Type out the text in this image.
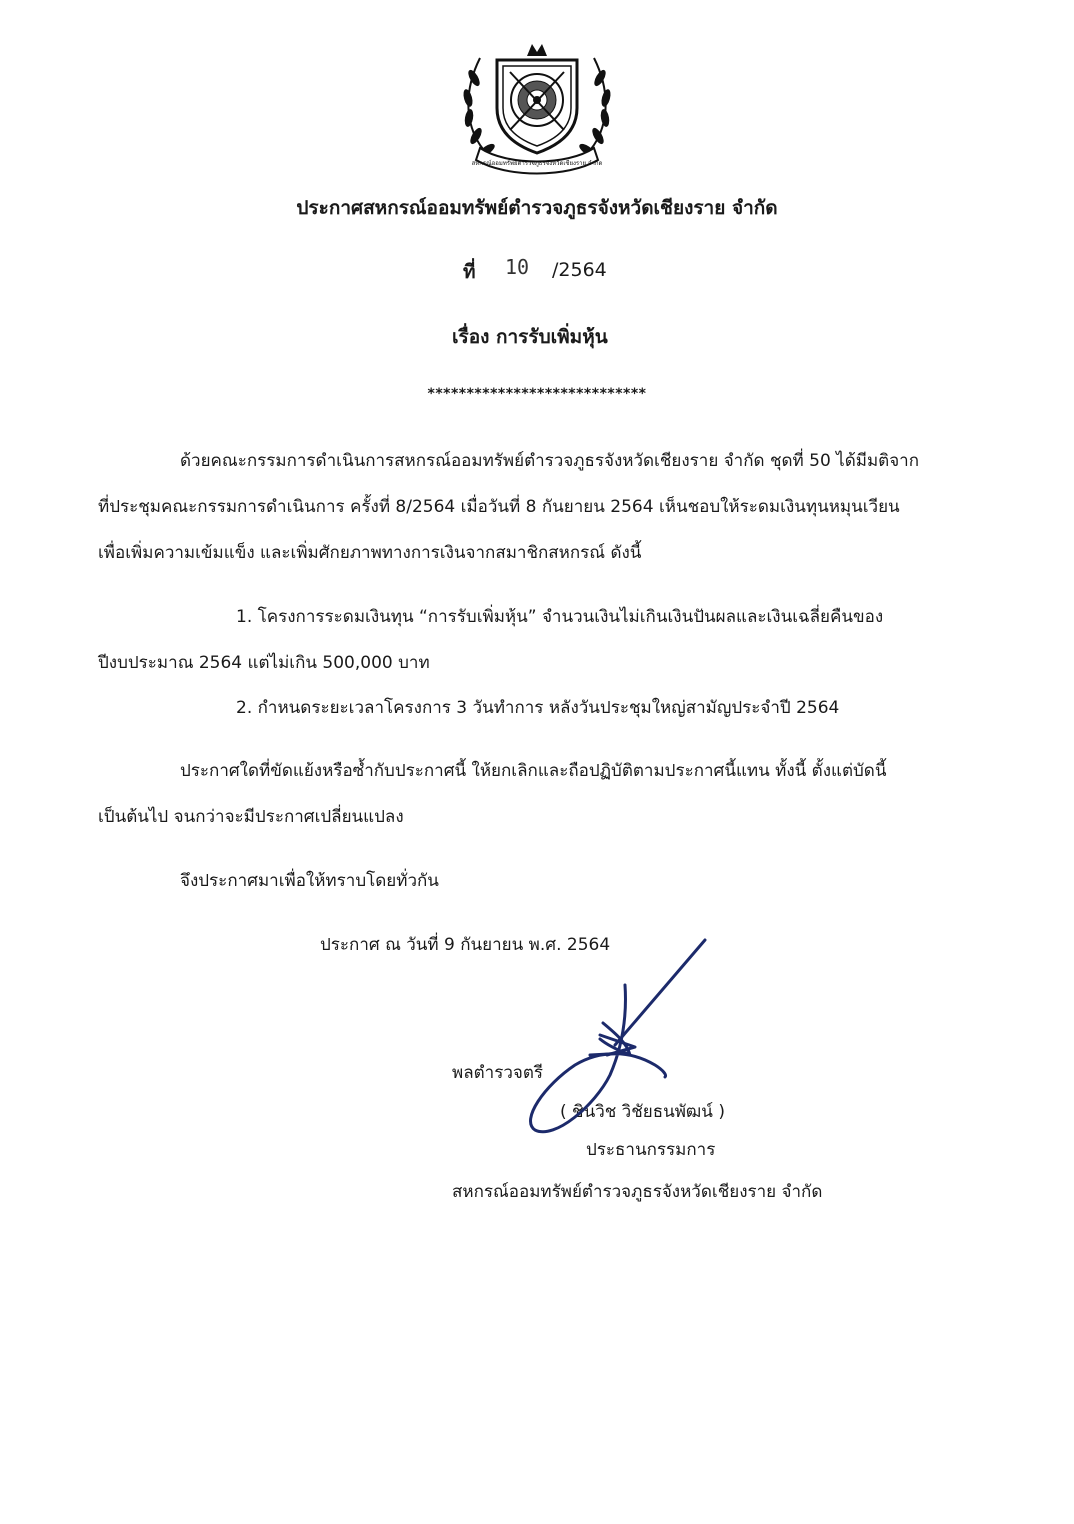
สหกรณ์ออมทรัพย์ตำรวจภูธรจังหวัดเชียงราย จำกัด
ประกาศสหกรณ์ออมทรัพย์ตำรวจภูธรจังหวัดเชียงราย จำกัด
ที่ 10 /2564
เรื่อง การรับเพิ่มหุ้น
****************************
ด้วยคณะกรรมการดำเนินการสหกรณ์ออมทรัพย์ตำรวจภูธรจังหวัดเชียงราย จำกัด ชุดที่ 50 ได้มีมติจาก
ที่ประชุมคณะกรรมการดำเนินการ ครั้งที่ 8/2564 เมื่อวันที่ 8 กันยายน 2564 เห็นชอบให้ระดมเงินทุนหมุนเวียน
เพื่อเพิ่มความเข้มแข็ง และเพิ่มศักยภาพทางการเงินจากสมาชิกสหกรณ์ ดังนี้
1. โครงการระดมเงินทุน “การรับเพิ่มหุ้น” จำนวนเงินไม่เกินเงินปันผลและเงินเฉลี่ยคืนของ
ปีงบประมาณ 2564 แต่ไม่เกิน 500,000 บาท
2. กำหนดระยะเวลาโครงการ 3 วันทำการ หลังวันประชุมใหญ่สามัญประจำปี 2564
ประกาศใดที่ขัดแย้งหรือซ้ำกับประกาศนี้ ให้ยกเลิกและถือปฏิบัติตามประกาศนี้แทน ทั้งนี้ ตั้งแต่บัดนี้
เป็นต้นไป จนกว่าจะมีประกาศเปลี่ยนแปลง
จึงประกาศมาเพื่อให้ทราบโดยทั่วกัน
ประกาศ ณ วันที่ 9 กันยายน พ.ศ. 2564
พลตำรวจตรี
( ชินวิช วิชัยธนพัฒน์ )
ประธานกรรมการ
สหกรณ์ออมทรัพย์ตำรวจภูธรจังหวัดเชียงราย จำกัด
